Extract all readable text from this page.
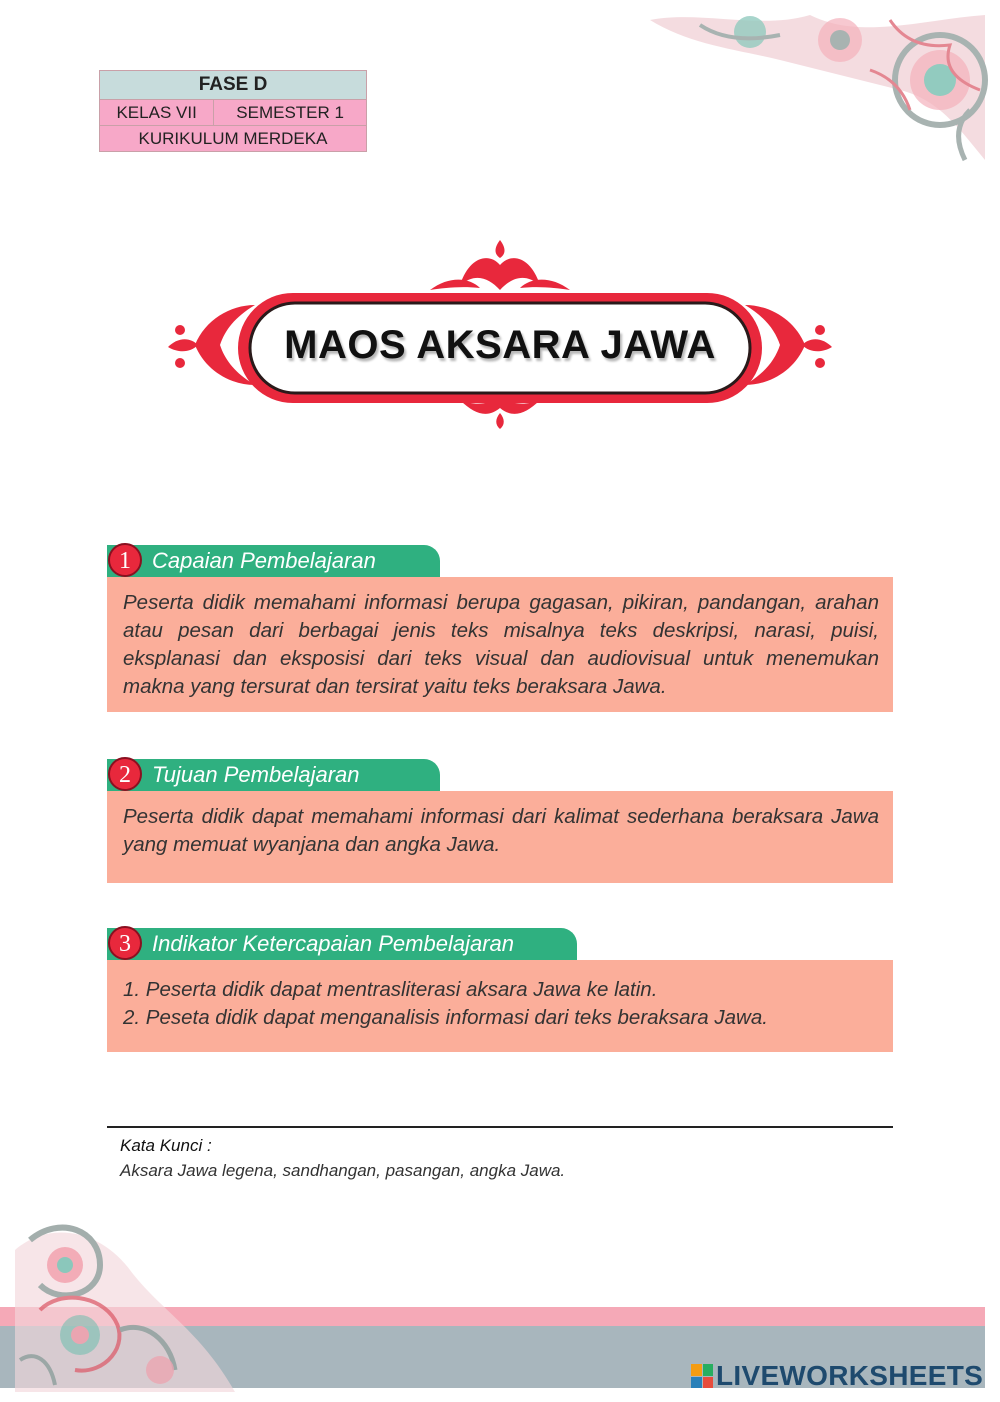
FASE D
KELAS VII	SEMESTER 1
KURIKULUM MERDEKA
MAOS AKSARA JAWA
Capaian Pembelajaran
1
Peserta didik memahami informasi berupa gagasan, pikiran, pandangan, arahan atau pesan dari berbagai jenis teks misalnya teks deskripsi, narasi, puisi, eksplanasi dan eksposisi dari teks visual dan audiovisual untuk menemukan makna yang tersurat dan tersirat yaitu teks beraksara Jawa.
Tujuan Pembelajaran
2
Peserta didik dapat memahami informasi dari kalimat sederhana beraksara Jawa yang memuat wyanjana dan angka Jawa.
Indikator Ketercapaian Pembelajaran
3
1. Peserta didik dapat mentrasliterasi aksara Jawa ke latin.
2. Peseta didik dapat menganalisis informasi dari teks beraksara Jawa.
Kata Kunci :
Aksara Jawa legena, sandhangan, pasangan, angka Jawa.
LIVEWORKSHEETS
